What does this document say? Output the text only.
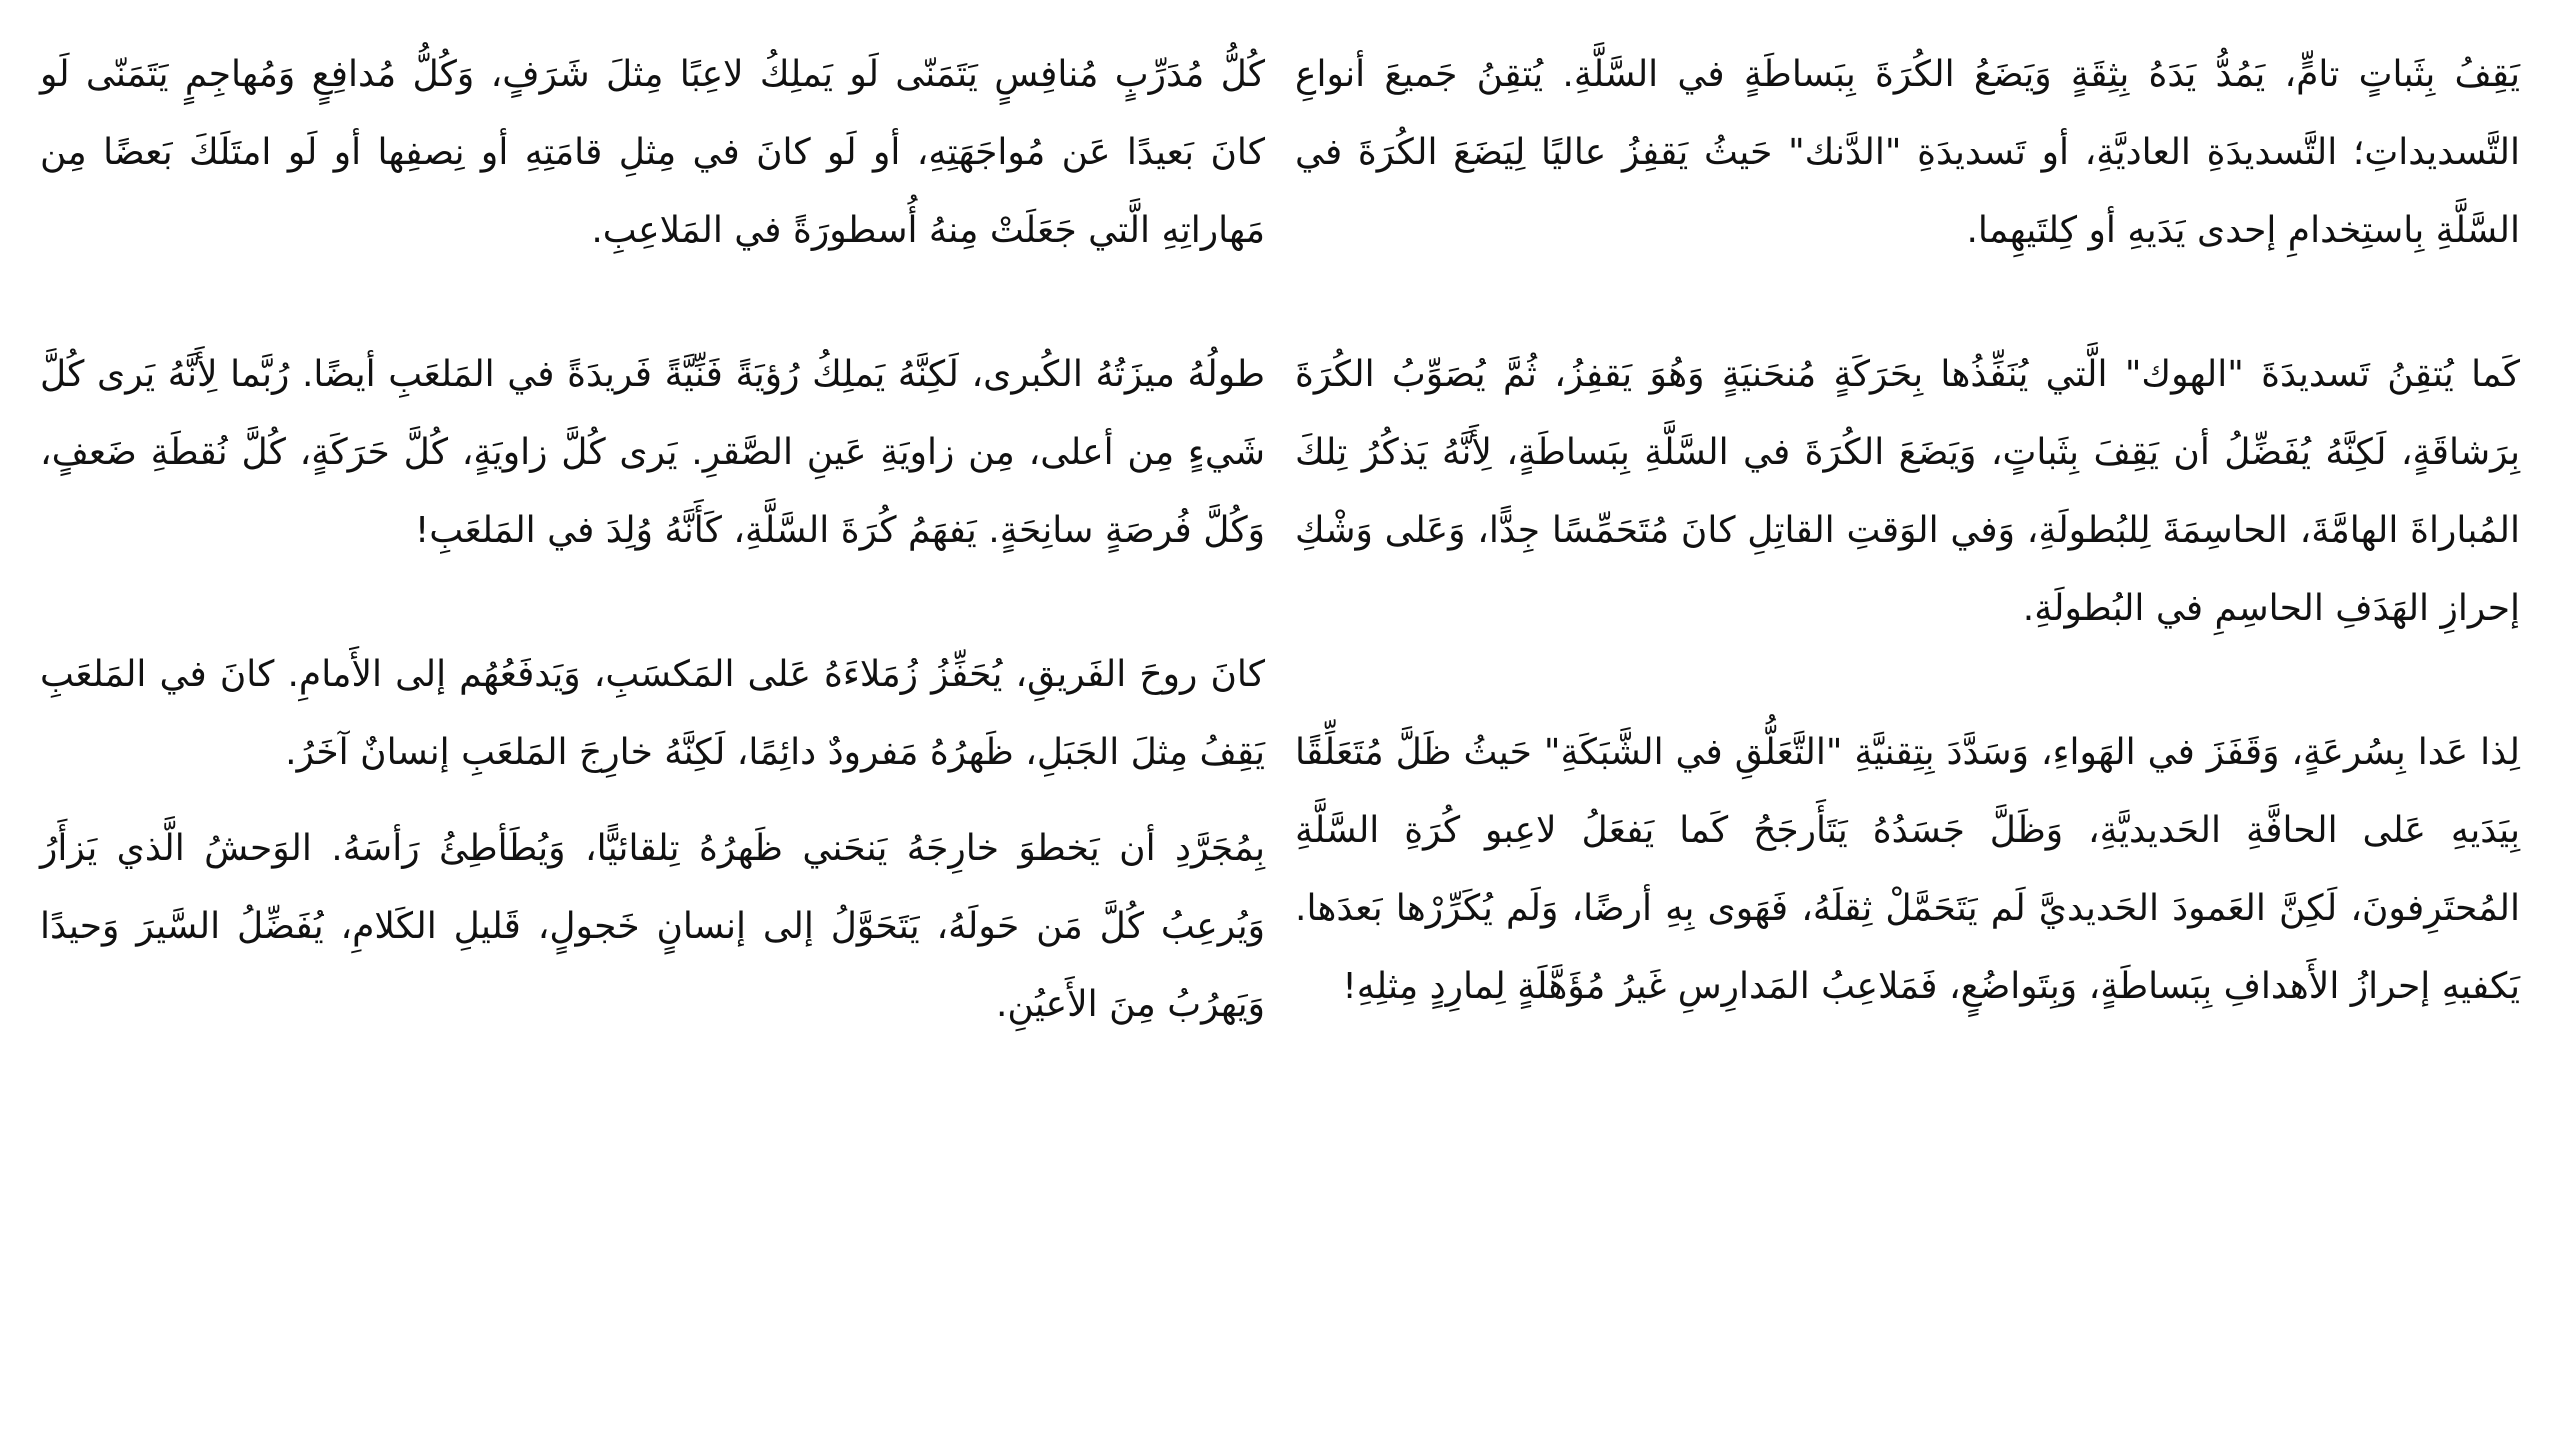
كُلُّ مُدَرِّبٍ مُنافِسٍ يَتَمَنّى لَو يَملِكُ لاعِبًا مِثلَ شَرَفٍ، وَكُلُّ مُدافِعٍ وَمُهاجِمٍ يَتَمَنّى لَو كانَ بَعيدًا عَن مُواجَهَتِهِ، أو لَو كانَ في مِثلِ قامَتِهِ أو نِصفِها أو لَو امتَلَكَ بَعضًا مِن مَهاراتِهِ الَّتي جَعَلَتْ مِنهُ أُسطورَةً في المَلاعِبِ.

طولُهُ ميزَتُهُ الكُبرى، لَكِنَّهُ يَملِكُ رُؤيَةً فَنِّيَّةً فَريدَةً في المَلعَبِ أيضًا. رُبَّما لِأَنَّهُ يَرى كُلَّ شَيءٍ مِن أعلى، مِن زاويَةِ عَينِ الصَّقرِ. يَرى كُلَّ زاويَةٍ، كُلَّ حَرَكَةٍ، كُلَّ نُقطَةِ ضَعفٍ، وَكُلَّ فُرصَةٍ سانِحَةٍ. يَفهَمُ كُرَةَ السَّلَّةِ، كَأَنَّهُ وُلِدَ في المَلعَبِ!

كانَ روحَ الفَريقِ، يُحَفِّزُ زُمَلاءَهُ عَلى المَكسَبِ، وَيَدفَعُهُم إلى الأَمامِ. كانَ في المَلعَبِ يَقِفُ مِثلَ الجَبَلِ، ظَهرُهُ مَفرودٌ دائِمًا، لَكِنَّهُ خارِجَ المَلعَبِ إنسانٌ آخَرُ.

بِمُجَرَّدِ أن يَخطوَ خارِجَهُ يَنحَني ظَهرُهُ تِلقائيًّا، وَيُطَأطِئُ رَأسَهُ. الوَحشُ الَّذي يَزأَرُ وَيُرعِبُ كُلَّ مَن حَولَهُ، يَتَحَوَّلُ إلى إنسانٍ خَجولٍ، قَليلِ الكَلامِ، يُفَضِّلُ السَّيرَ وَحيدًا وَيَهرُبُ مِنَ الأَعيُنِ.

يَقِفُ بِثَباتٍ تامٍّ، يَمُدُّ يَدَهُ بِثِقَةٍ وَيَضَعُ الكُرَةَ بِبَساطَةٍ في السَّلَّةِ. يُتقِنُ جَميعَ أنواعِ التَّسديداتِ؛ التَّسديدَةِ العاديَّةِ، أو تَسديدَةِ "الدَّنك" حَيثُ يَقفِزُ عاليًا لِيَضَعَ الكُرَةَ في السَّلَّةِ بِاستِخدامِ إحدى يَدَيهِ أو كِلتَيهِما.

كَما يُتقِنُ تَسديدَةَ "الهوك" الَّتي يُنَفِّذُها بِحَرَكَةٍ مُنحَنيَةٍ وَهُوَ يَقفِزُ، ثُمَّ يُصَوِّبُ الكُرَةَ بِرَشاقَةٍ، لَكِنَّهُ يُفَضِّلُ أن يَقِفَ بِثَباتٍ، وَيَضَعَ الكُرَةَ في السَّلَّةِ بِبَساطَةٍ، لِأَنَّهُ يَذكُرُ تِلكَ المُباراةَ الهامَّةَ، الحاسِمَةَ لِلبُطولَةِ، وَفي الوَقتِ القاتِلِ كانَ مُتَحَمِّسًا جِدًّا، وَعَلى وَشْكِ إحرازِ الهَدَفِ الحاسِمِ في البُطولَةِ.

لِذا عَدا بِسُرعَةٍ، وَقَفَزَ في الهَواءِ، وَسَدَّدَ بِتِقنيَّةِ "التَّعَلُّقِ في الشَّبَكَةِ" حَيثُ ظَلَّ مُتَعَلِّقًا بِيَدَيهِ عَلى الحافَّةِ الحَديديَّةِ، وَظَلَّ جَسَدُهُ يَتَأَرجَحُ كَما يَفعَلُ لاعِبو كُرَةِ السَّلَّةِ المُحتَرِفونَ، لَكِنَّ العَمودَ الحَديديَّ لَم يَتَحَمَّلْ ثِقلَهُ، فَهَوى بِهِ أرضًا، وَلَم يُكَرِّرْها بَعدَها. يَكفيهِ إحرازُ الأَهدافِ بِبَساطَةٍ، وَبِتَواضُعٍ، فَمَلاعِبُ المَدارِسِ غَيرُ مُؤَهَّلَةٍ لِمارِدٍ مِثلِهِ!
